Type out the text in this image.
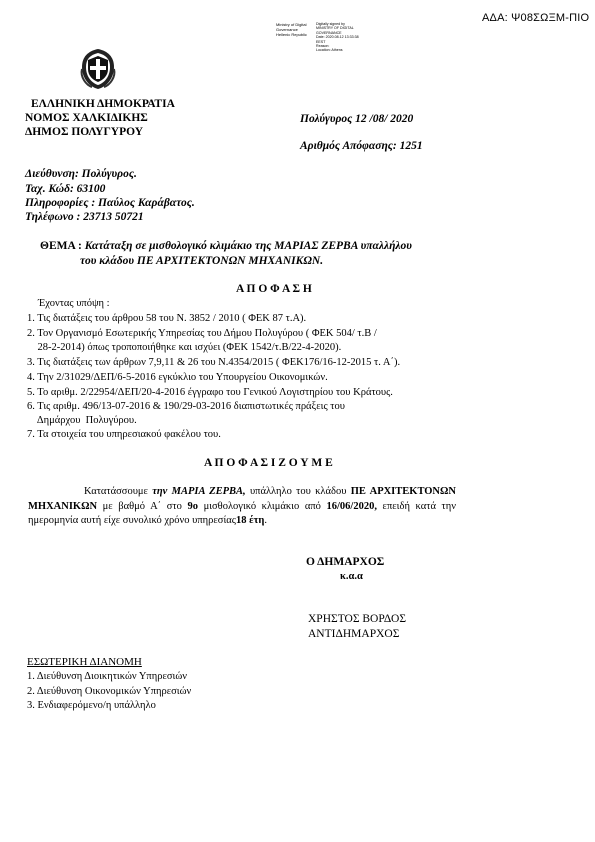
ΑΔΑ: Ψ08ΣΩΞΜ-ΠΙΟ
Ministry of Digital
Governance
Hellenic Republic
Digitally signed by
MINISTRY OF DIGITAL
GOVERNANCE
Date: 2020.08.12 13:33:38
EEST
Reason:
Location: Athens
ΕΛΛΗΝΙΚΗ ΔΗΜΟΚΡΑΤΙΑ
ΝΟΜΟΣ ΧΑΛΚΙΔΙΚΗΣ
ΔΗΜΟΣ ΠΟΛΥΓΥΡΟΥ
Πολύγυρος 12 /08/ 2020
Αριθμός Απόφασης: 1251
Διεύθυνση: Πολύγυρος.
Ταχ. Κώδ: 63100
Πληροφορίες : Παύλος Καράβατος.
Τηλέφωνο : 23713 50721
ΘΕΜΑ : Κατάταξη σε μισθολογικό κλιμάκιο της ΜΑΡΙΑΣ ΖΕΡΒΑ υπαλλήλου
του κλάδου ΠΕ ΑΡΧΙΤΕΚΤΟΝΩΝ ΜΗΧΑΝΙΚΩΝ.
Α Π Ο Φ Α Σ Η
Έχοντας υπόψη :
1. Τις διατάξεις του άρθρου 58 του Ν. 3852 / 2010 ( ΦΕΚ 87 τ.Α).
2. Τον Οργανισμό Εσωτερικής Υπηρεσίας του Δήμου Πολυγύρου ( ΦΕΚ 504/ τ.Β /
28-2-2014) όπως τροποποιήθηκε και ισχύει (ΦΕΚ 1542/τ.Β/22-4-2020).
3. Τις διατάξεις των άρθρων 7,9,11 & 26 του Ν.4354/2015 ( ΦΕΚ176/16-12-2015 τ. Α΄).
4. Την 2/31029/ΔΕΠ/6-5-2016 εγκύκλιο του Υπουργείου Οικονομικών.
5. Το αριθμ. 2/22954/ΔΕΠ/20-4-2016 έγγραφο του Γενικού Λογιστηρίου του Κράτους.
6. Τις αριθμ. 496/13-07-2016 & 190/29-03-2016 διαπιστωτικές πράξεις του
Δημάρχου  Πολυγύρου.
7. Τα στοιχεία του υπηρεσιακού φακέλου του.
Α Π Ο Φ Α Σ Ι Ζ Ο Υ Μ Ε
Κατατάσσουμε την ΜΑΡΙΑ ΖΕΡΒΑ, υπάλληλο του κλάδου ΠΕ ΑΡΧΙΤΕΚΤΟΝΩΝ ΜΗΧΑΝΙΚΩΝ με βαθμό Α΄ στο 9ο μισθολογικό κλιμάκιο από 16/06/2020, επειδή κατά την ημερομηνία αυτή είχε συνολικό χρόνο υπηρεσίας18 έτη.
Ο ΔΗΜΑΡΧΟΣ
κ.α.α
ΧΡΗΣΤΟΣ ΒΟΡΔΟΣ
ΑΝΤΙΔΗΜΑΡΧΟΣ
ΕΣΩΤΕΡΙΚΗ ΔΙΑΝΟΜΗ
1. Διεύθυνση Διοικητικών Υπηρεσιών
2. Διεύθυνση Οικονομικών Υπηρεσιών
3. Ενδιαφερόμενο/η υπάλληλο
